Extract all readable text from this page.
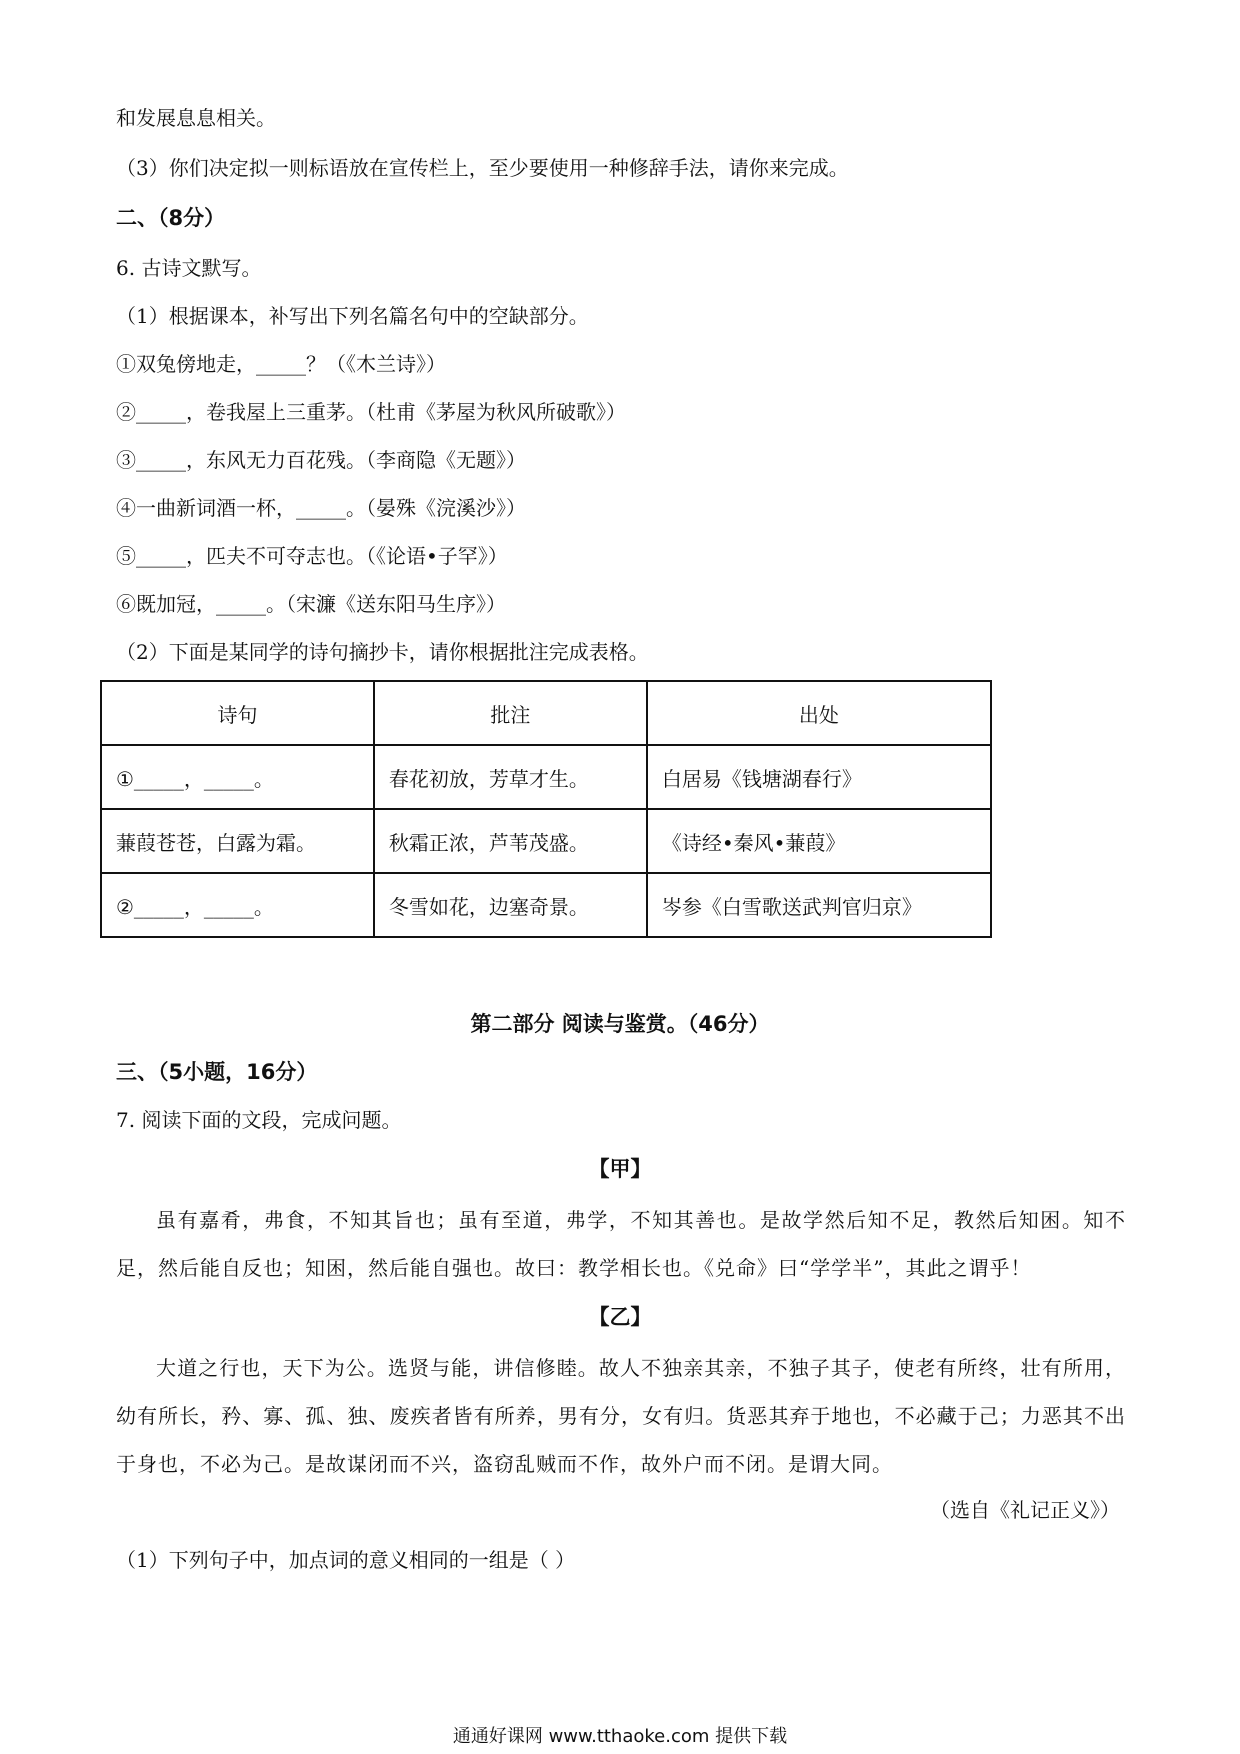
和发展息息相关。
（3）你们决定拟一则标语放在宣传栏上，至少要使用一种修辞手法，请你来完成。
二、（8分）
6. 古诗文默写。
（1）根据课本，补写出下列名篇名句中的空缺部分。
①双兔傍地走，_____？（《木兰诗》）
②_____，卷我屋上三重茅。（杜甫《茅屋为秋风所破歌》）
③_____，东风无力百花残。（李商隐《无题》）
④一曲新词酒一杯，_____。（晏殊《浣溪沙》）
⑤_____，匹夫不可夺志也。（《论语•子罕》）
⑥既加冠，_____。（宋濂《送东阳马生序》）
（2）下面是某同学的诗句摘抄卡，请你根据批注完成表格。
诗句	批注	出处
①_____，_____。	春花初放，芳草才生。	白居易《钱塘湖春行》
蒹葭苍苍，白露为霜。	秋霜正浓，芦苇茂盛。	《诗经•秦风•蒹葭》
②_____，_____。	冬雪如花，边塞奇景。	岑参《白雪歌送武判官归京》
第二部分 阅读与鉴赏。（46分）
三、（5小题，16分）
7. 阅读下面的文段，完成问题。
【甲】
虽有嘉肴，弗食，不知其旨也；虽有至道，弗学，不知其善也。是故学然后知不足，教然后知困。知不足，然后能自反也；知困，然后能自强也。故曰：教学相长也。《兑命》曰“学学半”，其此之谓乎！
【乙】
大道之行也，天下为公。选贤与能，讲信修睦。故人不独亲其亲，不独子其子，使老有所终，壮有所用，幼有所长，矜、寡、孤、独、废疾者皆有所养，男有分，女有归。货恶其弃于地也，不必藏于己；力恶其不出于身也，不必为己。是故谋闭而不兴，盗窃乱贼而不作，故外户而不闭。是谓大同。
（选自《礼记正义》）
（1）下列句子中，加点词的意义相同的一组是（ ）
通通好课网 www.tthaoke.com 提供下载
